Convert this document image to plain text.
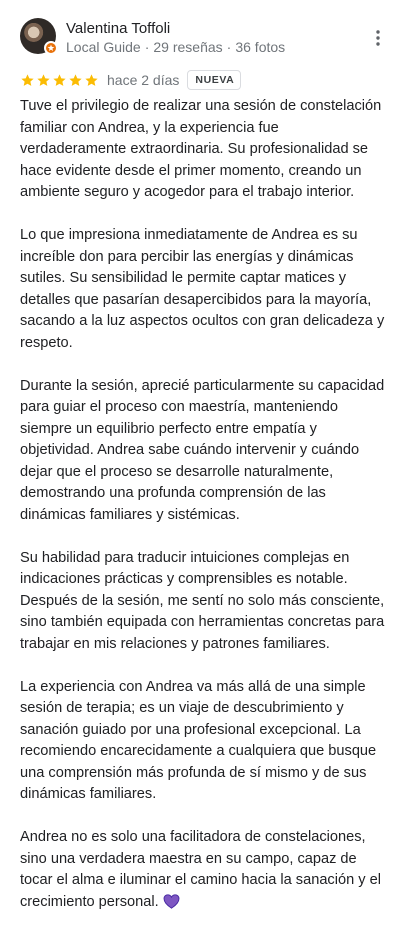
Valentina Toffoli
Local Guide · 29 reseñas · 36 fotos
hace 2 días	NUEVA

Tuve el privilegio de realizar una sesión de constelación familiar con Andrea, y la experiencia fue verdaderamente extraordinaria. Su profesionalidad se hace evidente desde el primer momento, creando un ambiente seguro y acogedor para el trabajo interior.

Lo que impresiona inmediatamente de Andrea es su increíble don para percibir las energías y dinámicas sutiles. Su sensibilidad le permite captar matices y detalles que pasarían desapercibidos para la mayoría, sacando a la luz aspectos ocultos con gran delicadeza y respeto.

Durante la sesión, aprecié particularmente su capacidad para guiar el proceso con maestría, manteniendo siempre un equilibrio perfecto entre empatía y objetividad. Andrea sabe cuándo intervenir y cuándo dejar que el proceso se desarrolle naturalmente, demostrando una profunda comprensión de las dinámicas familiares y sistémicas.

Su habilidad para traducir intuiciones complejas en indicaciones prácticas y comprensibles es notable. Después de la sesión, me sentí no solo más consciente, sino también equipada con herramientas concretas para trabajar en mis relaciones y patrones familiares.

La experiencia con Andrea va más allá de una simple sesión de terapia; es un viaje de descubrimiento y sanación guiado por una profesional excepcional. La recomiendo encarecidamente a cualquiera que busque una comprensión más profunda de sí mismo y de sus dinámicas familiares.

Andrea no es solo una facilitadora de constelaciones, sino una verdadera maestra en su campo, capaz de tocar el alma e iluminar el camino hacia la sanación y el crecimiento personal.
